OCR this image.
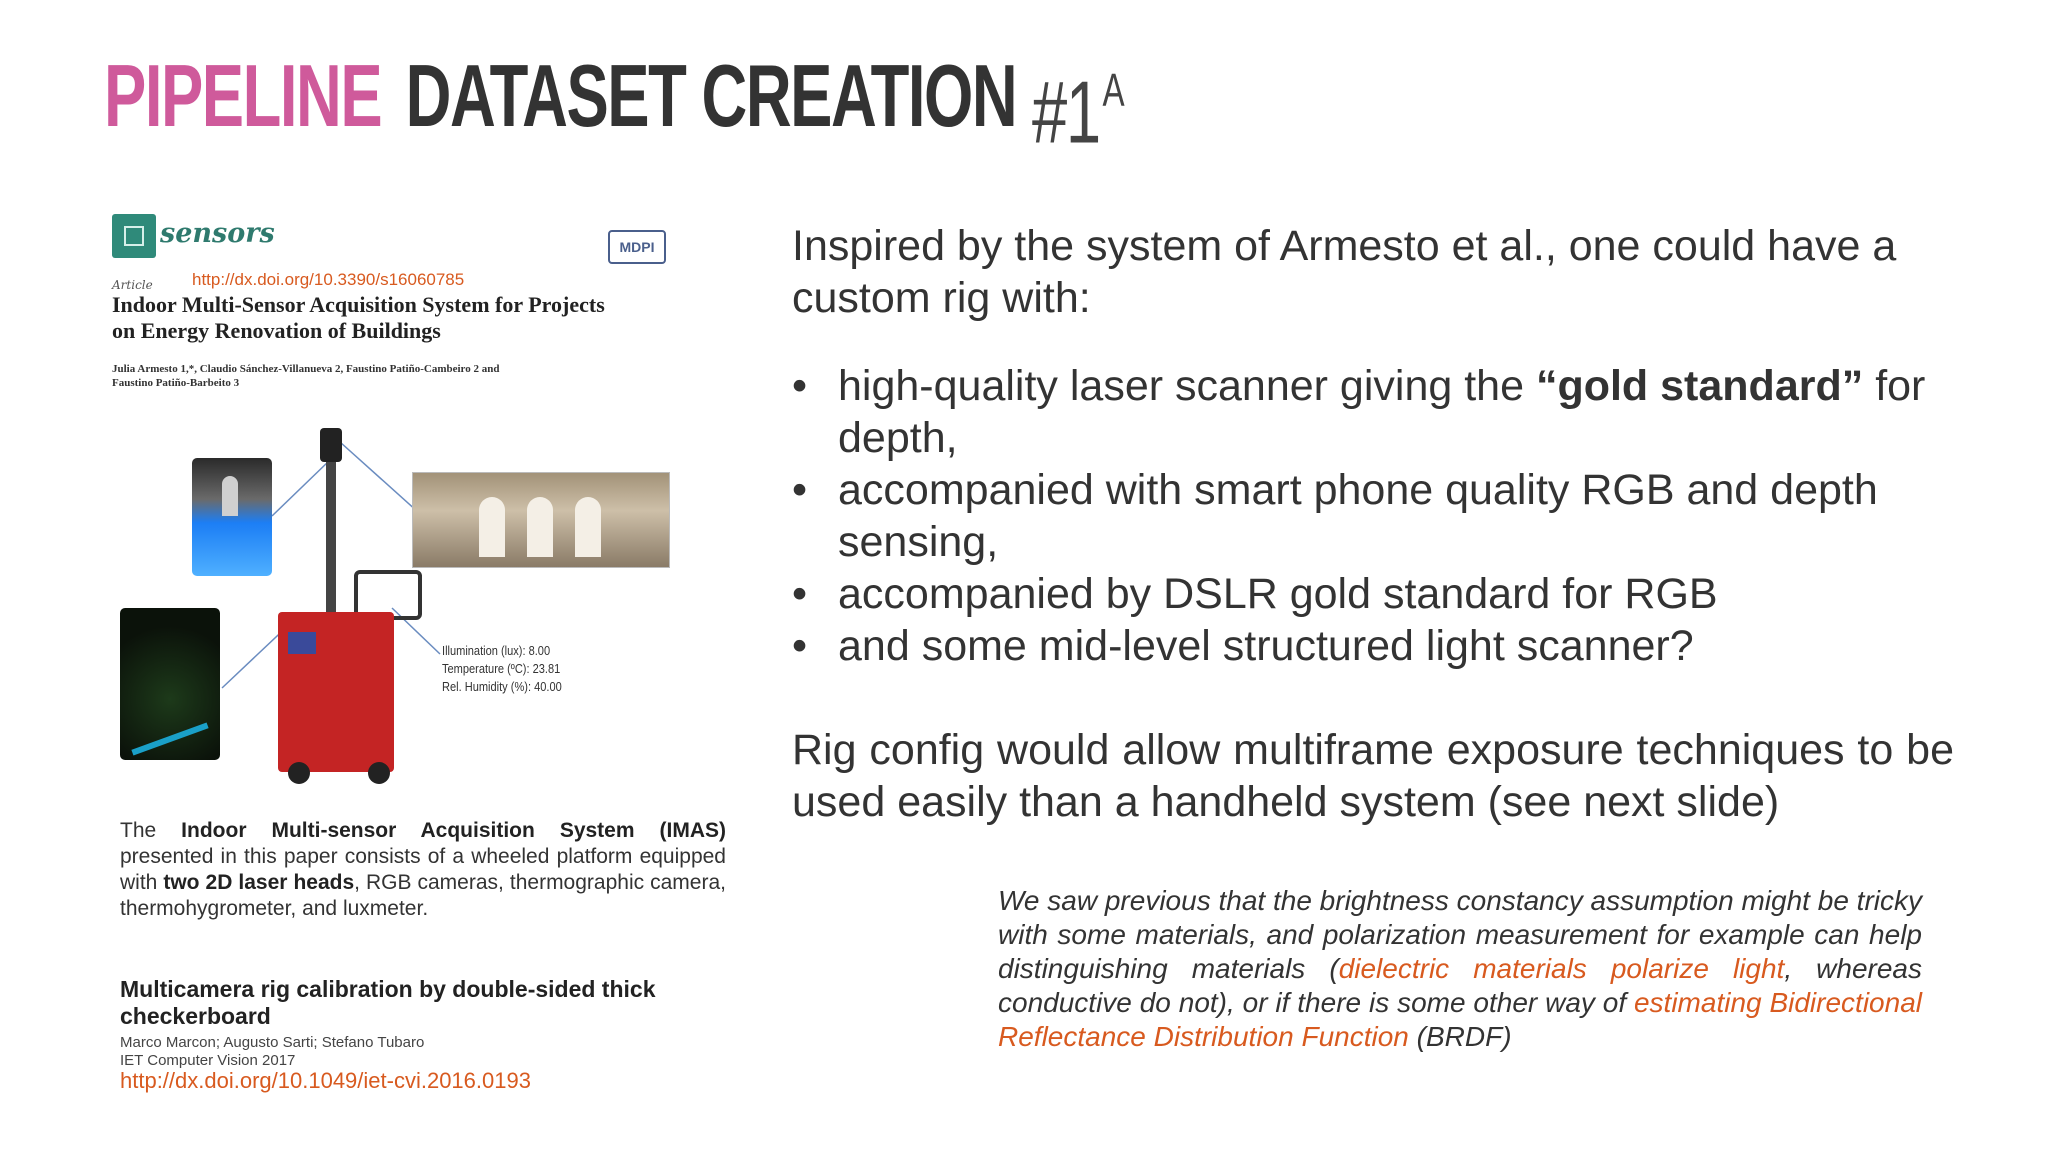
PIPELINE DATASET CREATION $\#1^A$
sensors	MDPI
Article http://dx.doi.org/10.3390/s16060785
Indoor Multi-Sensor Acquisition System for Projects
on Energy Renovation of Buildings
Julia Armesto 1,*, Claudio Sánchez-Villanueva 2, Faustino Patiño-Cambeiro 2 and
Faustino Patiño-Barbeito 3
Illumination (lux): 8.00
Temperature (ºC): 23.81
Rel. Humidity (%): 40.00
The Indoor Multi-sensor Acquisition System (IMAS) presented in this paper consists of a wheeled platform equipped with two 2D laser heads, RGB cameras, thermographic camera, thermohygrometer, and luxmeter.
Multicamera rig calibration by double-sided thick checkerboard
Marco Marcon; Augusto Sarti; Stefano Tubaro
IET Computer Vision 2017
http://dx.doi.org/10.1049/iet-cvi.2016.0193
Inspired by the system of Armesto et al., one could have a custom rig with:
• high-quality laser scanner giving the “gold standard” for depth,
• accompanied with smart phone quality RGB and depth sensing,
• accompanied by DSLR gold standard for RGB
• and some mid-level structured light scanner?
Rig config would allow multiframe exposure techniques to be used easily than a handheld system (see next slide)
We saw previous that the brightness constancy assumption might be tricky with some materials, and polarization measurement for example can help distinguishing materials (dielectric materials polarize light, whereas conductive do not), or if there is some other way of estimating Bidirectional Reflectance Distribution Function (BRDF)
